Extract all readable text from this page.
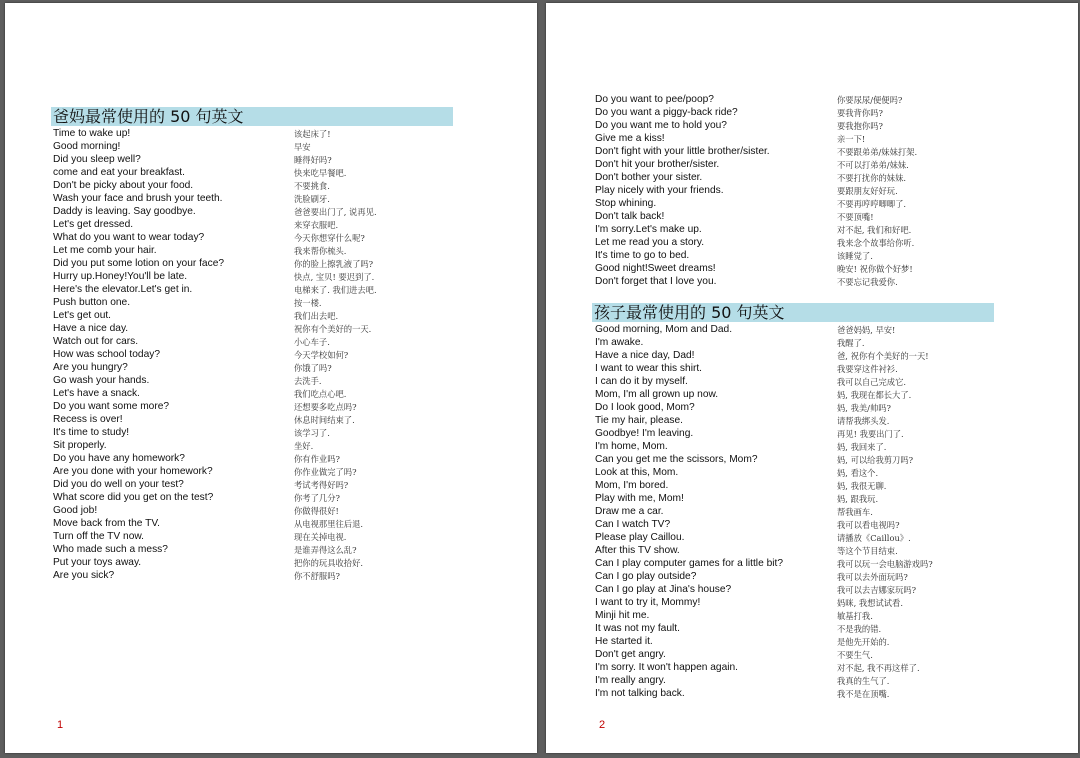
爸妈最常使用的 50 句英文
Time to wake up!	该起床了!
Good morning!	早安
Did you sleep well?	睡得好吗?
come and eat your breakfast.	快来吃早餐吧.
Don't be picky about your food.	不要挑食.
Wash your face and brush your teeth.	洗脸刷牙.
Daddy is leaving. Say goodbye.	爸爸要出门了, 说再见.
Let's get dressed.	来穿衣服吧.
What do you want to wear today?	今天你想穿什么呢?
Let me comb your hair.	我来帮你梳头.
Did you put some lotion on your face?	你的脸上擦乳液了吗?
Hurry up.Honey!You'll be late.	快点, 宝贝! 要迟到了.
Here's the elevator.Let's get in.	电梯来了. 我们进去吧.
Push button one.	按一楼.
Let's get out.	我们出去吧.
Have a nice day.	祝你有个美好的一天.
Watch out for cars.	小心车子.
How was school today?	今天学校如何?
Are you hungry?	你饿了吗?
Go wash your hands.	去洗手.
Let's have a snack.	我们吃点心吧.
Do you want some more?	还想要多吃点吗?
Recess is over!	休息时间结束了.
It's time to study!	该学习了.
Sit properly.	坐好.
Do you have any homework?	你有作业吗?
Are you done with your homework?	你作业做完了吗?
Did you do well on your test?	考试考得好吗?
What score did you get on the test?	你考了几分?
Good job!	你做得很好!
Move back from the TV.	从电视那里往后退.
Turn off the TV now.	现在关掉电视.
Who made such a mess?	是谁弄得这么乱?
Put your toys away.	把你的玩具收拾好.
Are you sick?	你不舒服吗?
1
Do you want to pee/poop?	你要尿尿/便便吗?
Do you want a piggy-back ride?	要我背你吗?
Do you want me to hold you?	要我抱你吗?
Give me a kiss!	亲一下!
Don't fight with your little brother/sister.	不要跟弟弟/妹妹打架.
Don't hit your brother/sister.	不可以打弟弟/妹妹.
Don't bother your sister.	不要打扰你的妹妹.
Play nicely with your friends.	要跟朋友好好玩.
Stop whining.	不要再哼哼唧唧了.
Don't talk back!	不要顶嘴!
I'm sorry.Let's make up.	对不起, 我们和好吧.
Let me read you a story.	我来念个故事给你听.
It's time to go to bed.	该睡觉了.
Good night!Sweet dreams!	晚安! 祝你做个好梦!
Don't forget that I love you.	不要忘记我爱你.
孩子最常使用的 50 句英文
Good morning, Mom and Dad.	爸爸妈妈, 早安!
I'm awake.	我醒了.
Have a nice day, Dad!	爸, 祝你有个美好的一天!
I want to wear this shirt.	我要穿这件衬衫.
I can do it by myself.	我可以自己完成它.
Mom, I'm all grown up now.	妈, 我现在都长大了.
Do I look good, Mom?	妈, 我美/帅吗?
Tie my hair, please.	请帮我绑头发.
Goodbye! I'm leaving.	再见! 我要出门了.
I'm home, Mom.	妈, 我回来了.
Can you get me the scissors, Mom?	妈, 可以给我剪刀吗?
Look at this, Mom.	妈, 看这个.
Mom, I'm bored.	妈, 我很无聊.
Play with me, Mom!	妈, 跟我玩.
Draw me a car.	帮我画车.
Can I watch TV?	我可以看电视吗?
Please play Caillou.	请播放《Caillou》.
After this TV show.	等这个节目结束.
Can I play computer games for a little bit?	我可以玩一会电脑游戏吗?
Can I go play outside?	我可以去外面玩吗?
Can I go play at Jina's house?	我可以去吉娜家玩吗?
I want to try it, Mommy!	妈咪, 我想试试看.
Minji hit me.	敏基打我.
It was not my fault.	不是我的错.
He started it.	是他先开始的.
Don't get angry.	不要生气.
I'm sorry. It won't happen again.	对不起, 我不再这样了.
I'm really angry.	我真的生气了.
I'm not talking back.	我不是在顶嘴.
2
